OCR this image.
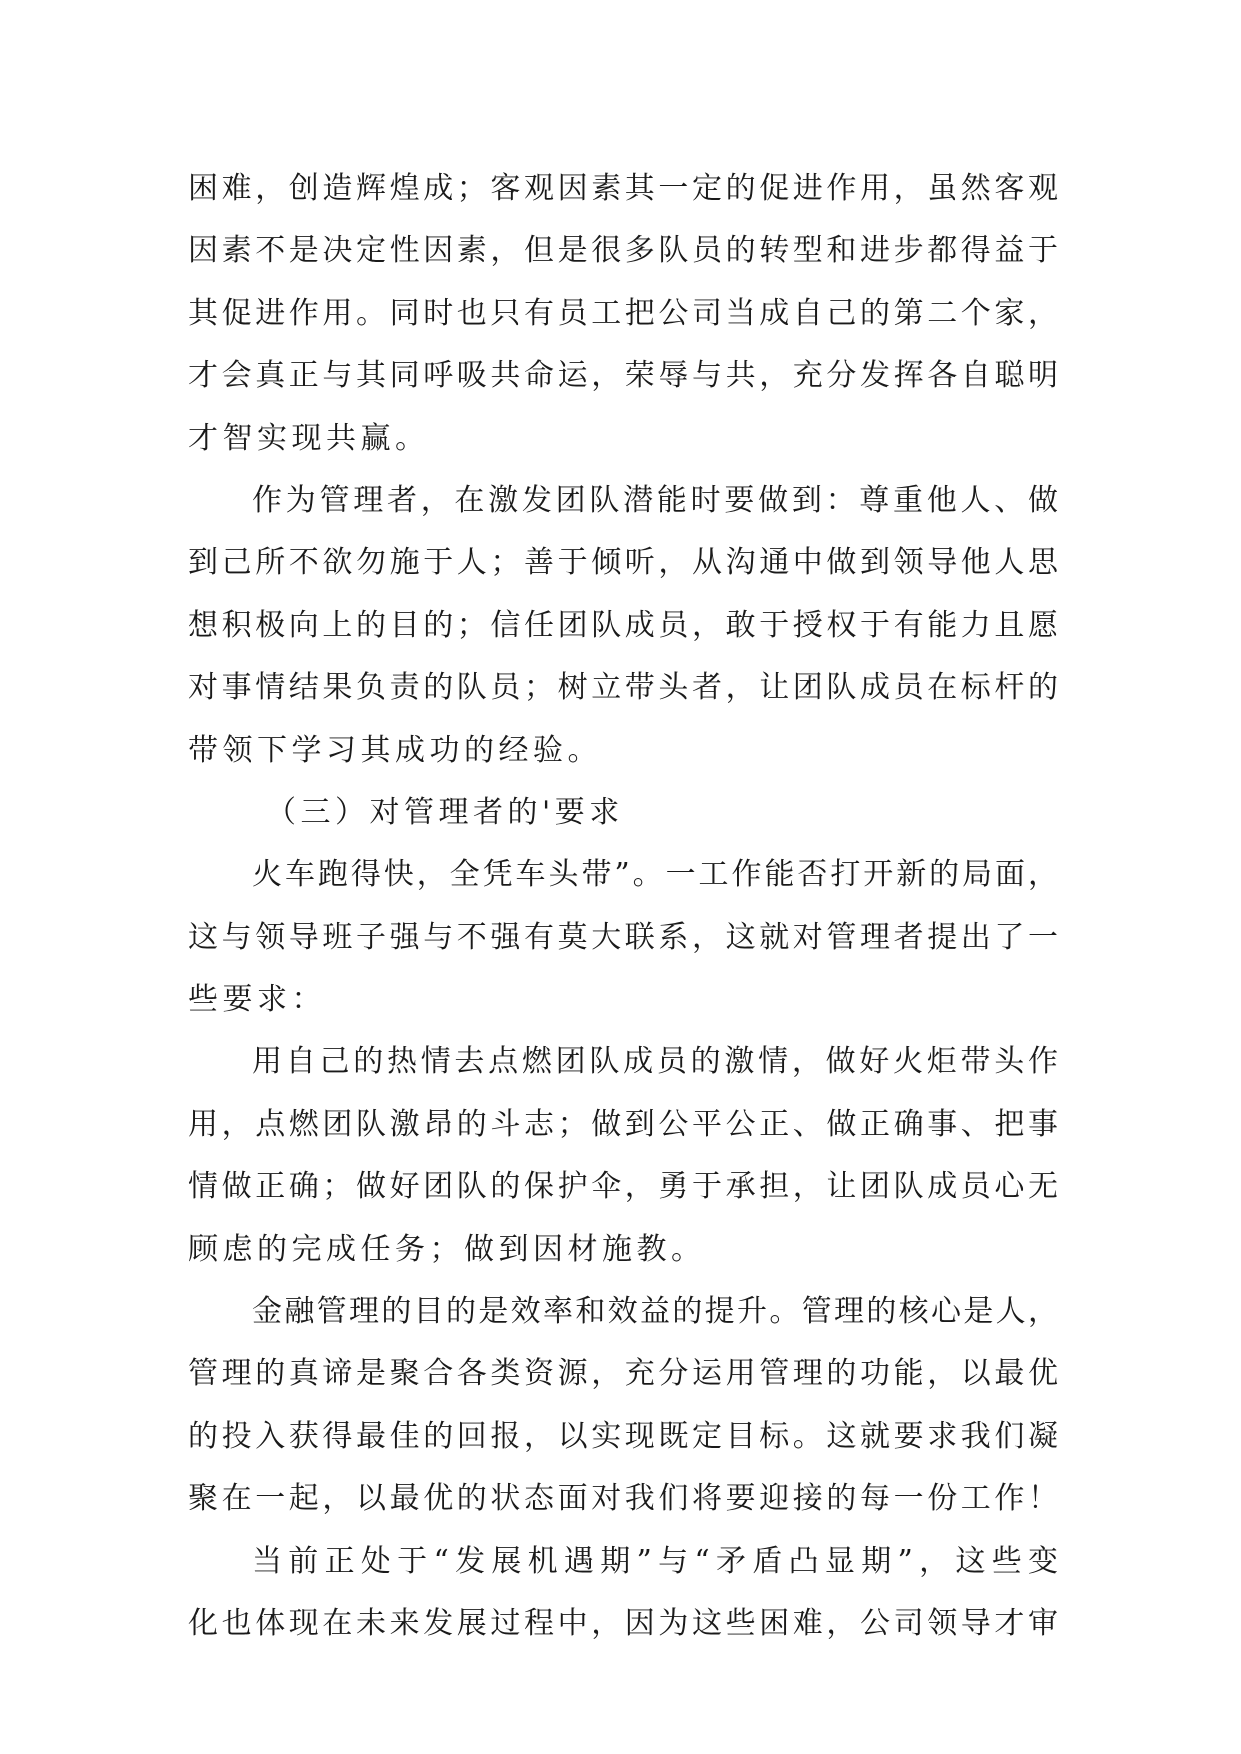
困难，创造辉煌成；客观因素其一定的促进作用，虽然客观
因素不是决定性因素，但是很多队员的转型和进步都得益于
其促进作用。同时也只有员工把公司当成自己的第二个家，
才会真正与其同呼吸共命运，荣辱与共，充分发挥各自聪明
才智实现共赢。
作为管理者，在激发团队潜能时要做到：尊重他人、做
到己所不欲勿施于人；善于倾听，从沟通中做到领导他人思
想积极向上的目的；信任团队成员，敢于授权于有能力且愿
对事情结果负责的队员；树立带头者，让团队成员在标杆的
带领下学习其成功的经验。
（三）对管理者的'要求
火车跑得快，全凭车头带”。一工作能否打开新的局面，
这与领导班子强与不强有莫大联系，这就对管理者提出了一
些要求：
用自己的热情去点燃团队成员的激情，做好火炬带头作
用，点燃团队激昂的斗志；做到公平公正、做正确事、把事
情做正确；做好团队的保护伞，勇于承担，让团队成员心无
顾虑的完成任务；做到因材施教。
金融管理的目的是效率和效益的提升。管理的核心是人，
管理的真谛是聚合各类资源，充分运用管理的功能，以最优
的投入获得最佳的回报，以实现既定目标。这就要求我们凝
聚在一起，以最优的状态面对我们将要迎接的每一份工作！
当前正处于“发展机遇期”与“矛盾凸显期”，这些变
化也体现在未来发展过程中，因为这些困难，公司领导才审
